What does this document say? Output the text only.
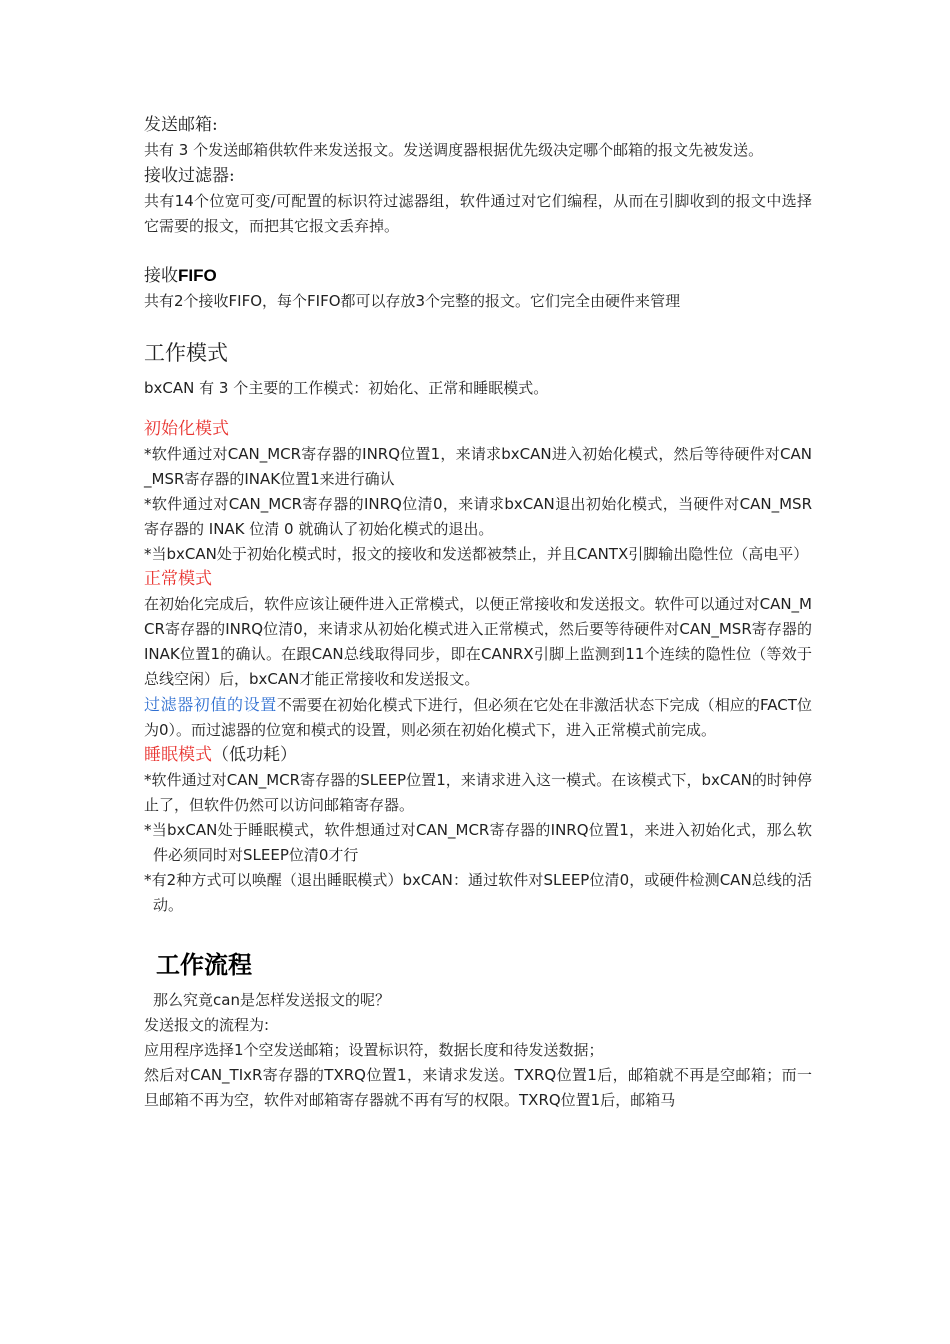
发送邮箱:

共有 3 个发送邮箱供软件来发送报文。发送调度器根据优先级决定哪个邮箱的报文先被发送。

接收过滤器:

共有14个位宽可变/可配置的标识符过滤器组，软件通过对它们编程，从而在引脚收到的报文中选择它需要的报文，而把其它报文丢弃掉。

接收FIFO

共有2个接收FIFO，每个FIFO都可以存放3个完整的报文。它们完全由硬件来管理

工作模式

bxCAN 有 3 个主要的工作模式：初始化、正常和睡眠模式。

初始化模式

*软件通过对CAN_MCR寄存器的INRQ位置1，来请求bxCAN进入初始化模式，然后等待硬件对CAN_MSR寄存器的INAK位置1来进行确认

*软件通过对CAN_MCR寄存器的INRQ位清0，来请求bxCAN退出初始化模式，当硬件对CAN_MSR 寄存器的 INAK 位清 0 就确认了初始化模式的退出。

*当bxCAN处于初始化模式时，报文的接收和发送都被禁止，并且CANTX引脚输出隐性位（高电平）

正常模式

在初始化完成后，软件应该让硬件进入正常模式，以便正常接收和发送报文。软件可以通过对CAN_MCR寄存器的INRQ位清0，来请求从初始化模式进入正常模式，然后要等待硬件对CAN_MSR寄存器的INAK位置1的确认。在跟CAN总线取得同步，即在CANRX引脚上监测到11个连续的隐性位（等效于总线空闲）后，bxCAN才能正常接收和发送报文。

过滤器初值的设置不需要在初始化模式下进行，但必须在它处在非激活状态下完成（相应的FACT位为0）。而过滤器的位宽和模式的设置，则必须在初始化模式下，进入正常模式前完成。

睡眠模式（低功耗）

*软件通过对CAN_MCR寄存器的SLEEP位置1，来请求进入这一模式。在该模式下，bxCAN的时钟停止了，但软件仍然可以访问邮箱寄存器。

*当bxCAN处于睡眠模式，软件想通过对CAN_MCR寄存器的INRQ位置1，来进入初始化式，那么软件必须同时对SLEEP位清0才行

*有2种方式可以唤醒（退出睡眠模式）bxCAN：通过软件对SLEEP位清0，或硬件检测CAN总线的活动。

工作流程

那么究竟can是怎样发送报文的呢？

发送报文的流程为:

应用程序选择1个空发送邮箱；设置标识符，数据长度和待发送数据；

然后对CAN_TIxR寄存器的TXRQ位置1，来请求发送。TXRQ位置1后，邮箱就不再是空邮箱；而一旦邮箱不再为空，软件对邮箱寄存器就不再有写的权限。TXRQ位置1后，邮箱马
